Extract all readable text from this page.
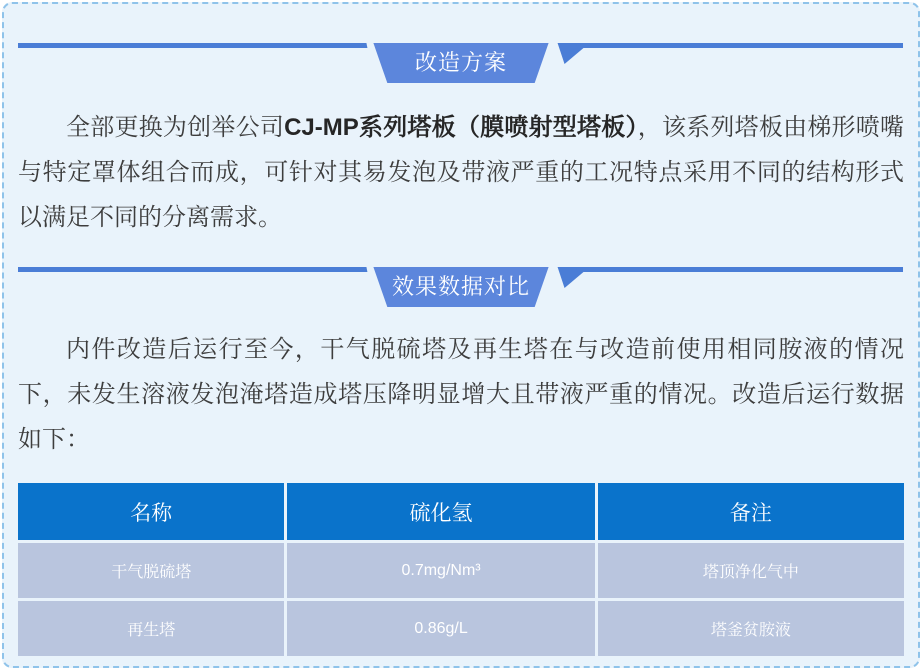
改造方案

全部更换为创举公司CJ-MP系列塔板（膜喷射型塔板），该系列塔板由梯形喷嘴与特定罩体组合而成，可针对其易发泡及带液严重的工况特点采用不同的结构形式以满足不同的分离需求。

效果数据对比

内件改造后运行至今，干气脱硫塔及再生塔在与改造前使用相同胺液的情况下，未发生溶液发泡淹塔造成塔压降明显增大且带液严重的情况。改造后运行数据如下：

名称	硫化氢	备注
干气脱硫塔	0.7mg/Nm³	塔顶净化气中
再生塔	0.86g/L	塔釜贫胺液
